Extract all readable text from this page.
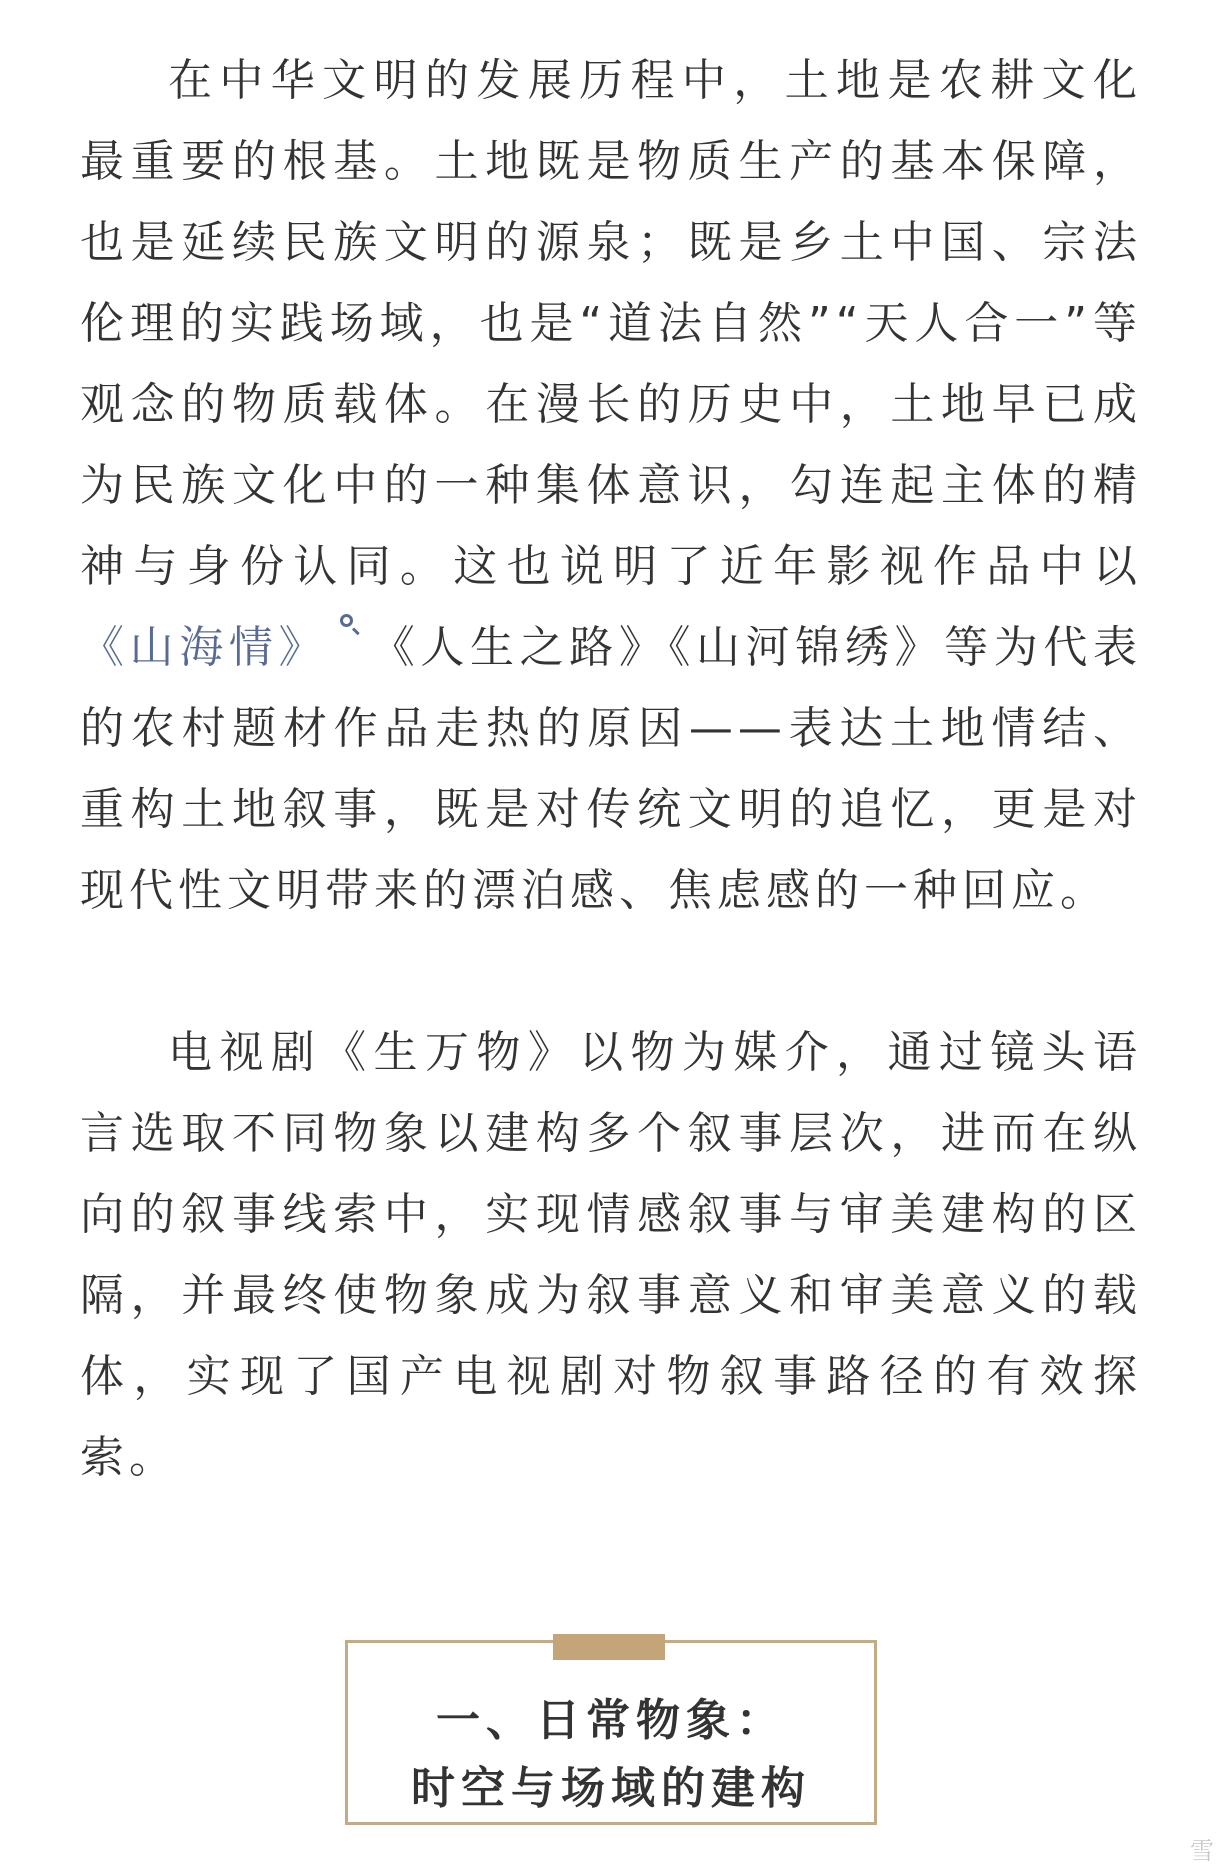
在中华文明的发展历程中，土地是农耕文化最重要的根基。土地既是物质生产的基本保障，也是延续民族文明的源泉；既是乡土中国、宗法伦理的实践场域，也是“道法自然”“天人合一”等观念的物质载体。在漫长的历史中，土地早已成为民族文化中的一种集体意识，勾连起主体的精神与身份认同。这也说明了近年影视作品中以《山海情》 《人生之路》《山河锦绣》等为代表的农村题材作品走热的原因——表达土地情结、重构土地叙事，既是对传统文明的追忆，更是对现代性文明带来的漂泊感、焦虑感的一种回应。

电视剧《生万物》以物为媒介，通过镜头语言选取不同物象以建构多个叙事层次，进而在纵向的叙事线索中，实现情感叙事与审美建构的区隔，并最终使物象成为叙事意义和审美意义的载体，实现了国产电视剧对物叙事路径的有效探索。

一、日常物象：
时空与场域的建构
雪
